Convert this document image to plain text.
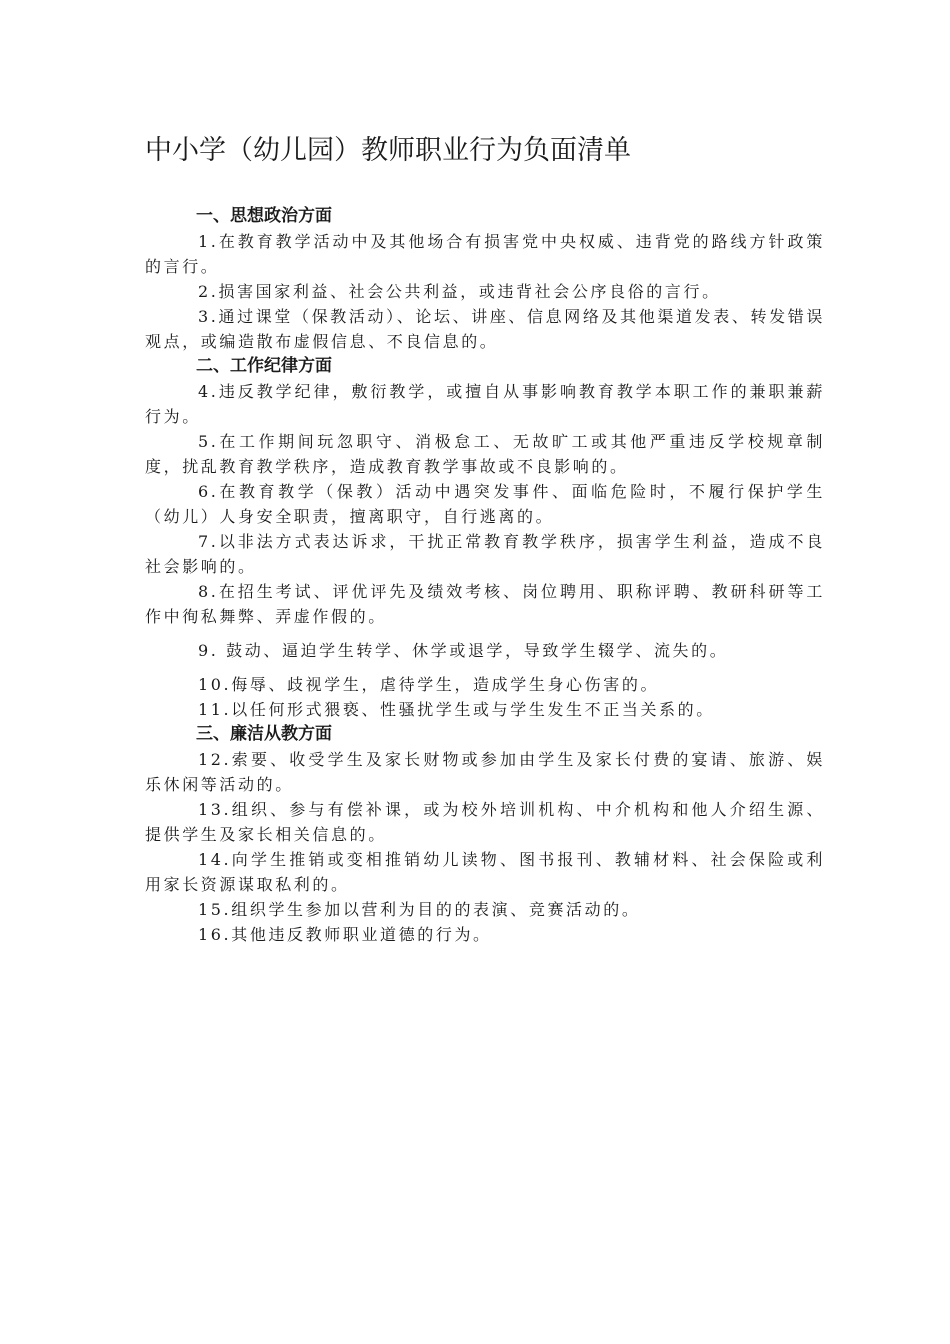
中小学（幼儿园）教师职业行为负面清单
一、思想政治方面

1.在教育教学活动中及其他场合有损害党中央权威、违背党的路线方针政策的言行。

2.损害国家利益、社会公共利益，或违背社会公序良俗的言行。

3.通过课堂（保教活动）、论坛、讲座、信息网络及其他渠道发表、转发错误观点，或编造散布虚假信息、不良信息的。

二、工作纪律方面

4.违反教学纪律，敷衍教学，或擅自从事影响教育教学本职工作的兼职兼薪行为。

5.在工作期间玩忽职守、消极怠工、无故旷工或其他严重违反学校规章制度，扰乱教育教学秩序，造成教育教学事故或不良影响的。

6.在教育教学（保教）活动中遇突发事件、面临危险时，不履行保护学生（幼儿）人身安全职责，擅离职守，自行逃离的。

7.以非法方式表达诉求，干扰正常教育教学秩序，损害学生利益，造成不良社会影响的。

8.在招生考试、评优评先及绩效考核、岗位聘用、职称评聘、教研科研等工作中徇私舞弊、弄虚作假的。

9. 鼓动、逼迫学生转学、休学或退学，导致学生辍学、流失的。

10.侮辱、歧视学生，虐待学生，造成学生身心伤害的。

11.以任何形式猥亵、性骚扰学生或与学生发生不正当关系的。

三、廉洁从教方面

12.索要、收受学生及家长财物或参加由学生及家长付费的宴请、旅游、娱乐休闲等活动的。

13.组织、参与有偿补课，或为校外培训机构、中介机构和他人介绍生源、提供学生及家长相关信息的。

14.向学生推销或变相推销幼儿读物、图书报刊、教辅材料、社会保险或利用家长资源谋取私利的。

15.组织学生参加以营利为目的的表演、竞赛活动的。

16.其他违反教师职业道德的行为。
